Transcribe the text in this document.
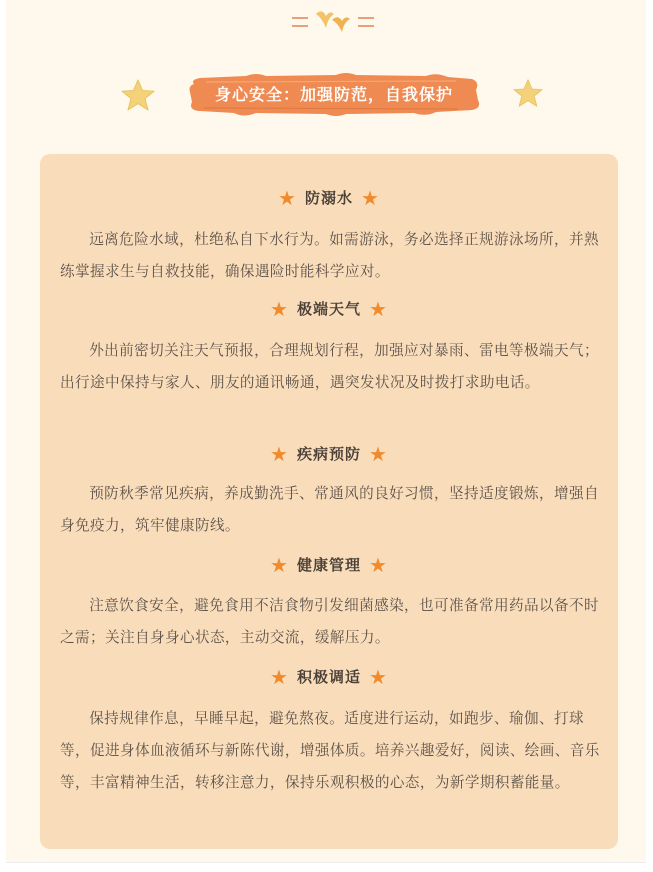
身心安全：加强防范，自我保护
★ 防溺水 ★

远离危险水域，杜绝私自下水行为。如需游泳，务必选择正规游泳场所，并熟练掌握求生与自救技能，确保遇险时能科学应对。

★ 极端天气 ★

外出前密切关注天气预报，合理规划行程，加强应对暴雨、雷电等极端天气；出行途中保持与家人、朋友的通讯畅通，遇突发状况及时拨打求助电话。

★ 疾病预防 ★

预防秋季常见疾病，养成勤洗手、常通风的良好习惯，坚持适度锻炼，增强自身免疫力，筑牢健康防线。

★ 健康管理 ★

注意饮食安全，避免食用不洁食物引发细菌感染，也可准备常用药品以备不时之需；关注自身身心状态，主动交流，缓解压力。

★ 积极调适 ★

保持规律作息，早睡早起，避免熬夜。适度进行运动，如跑步、瑜伽、打球等，促进身体血液循环与新陈代谢，增强体质。培养兴趣爱好，阅读、绘画、音乐等，丰富精神生活，转移注意力，保持乐观积极的心态，为新学期积蓄能量。
